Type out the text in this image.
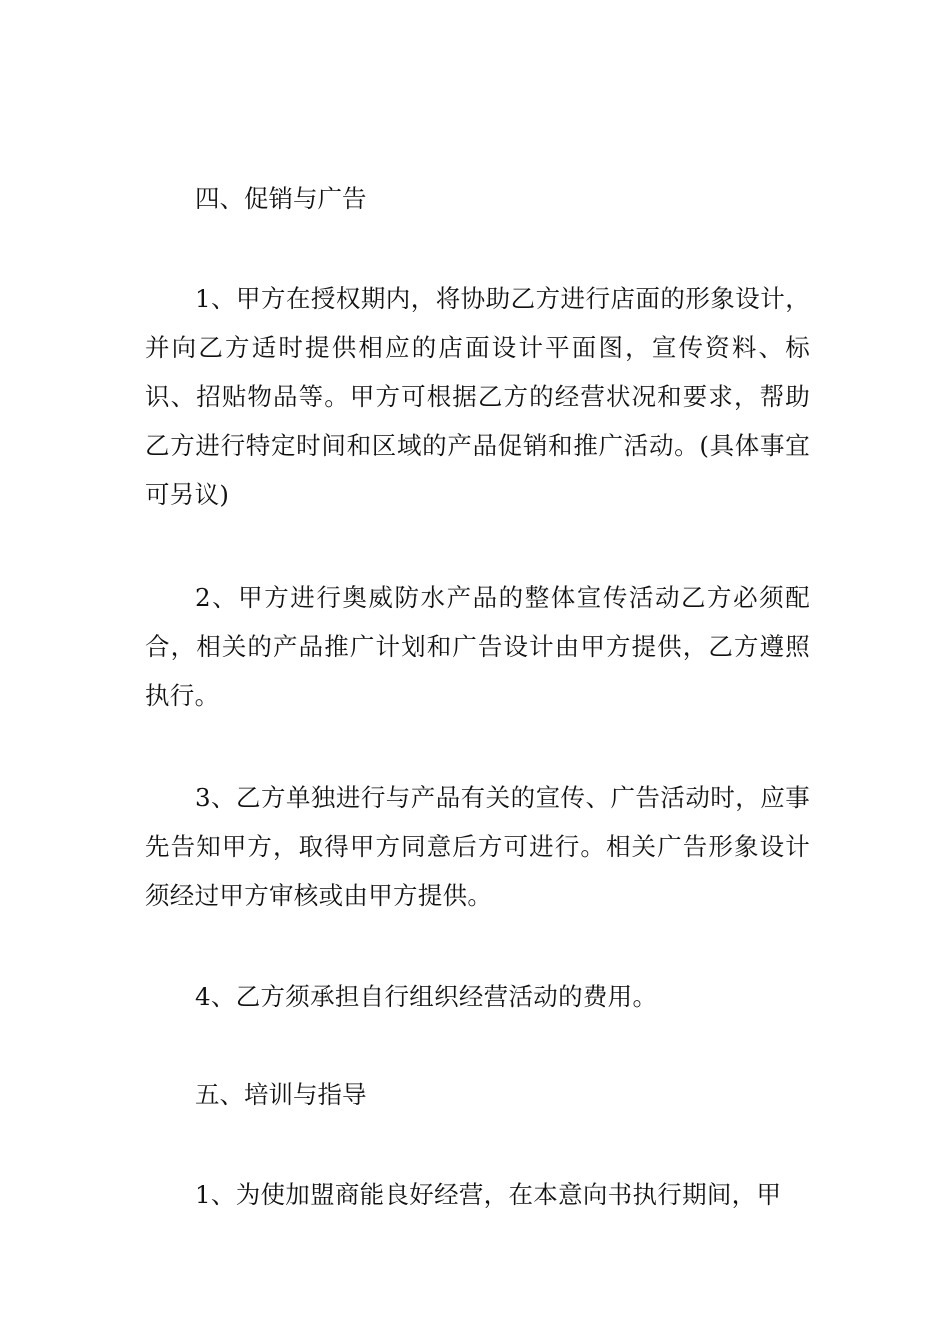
四、促销与广告

1、甲方在授权期内，将协助乙方进行店面的形象设计，并向乙方适时提供相应的店面设计平面图，宣传资料、标识、招贴物品等。甲方可根据乙方的经营状况和要求，帮助乙方进行特定时间和区域的产品促销和推广活动。(具体事宜可另议)

2、甲方进行奥威防水产品的整体宣传活动乙方必须配合，相关的产品推广计划和广告设计由甲方提供，乙方遵照执行。

3、乙方单独进行与产品有关的宣传、广告活动时，应事先告知甲方，取得甲方同意后方可进行。相关广告形象设计须经过甲方审核或由甲方提供。

4、乙方须承担自行组织经营活动的费用。

五、培训与指导

1、为使加盟商能良好经营，在本意向书执行期间，甲
